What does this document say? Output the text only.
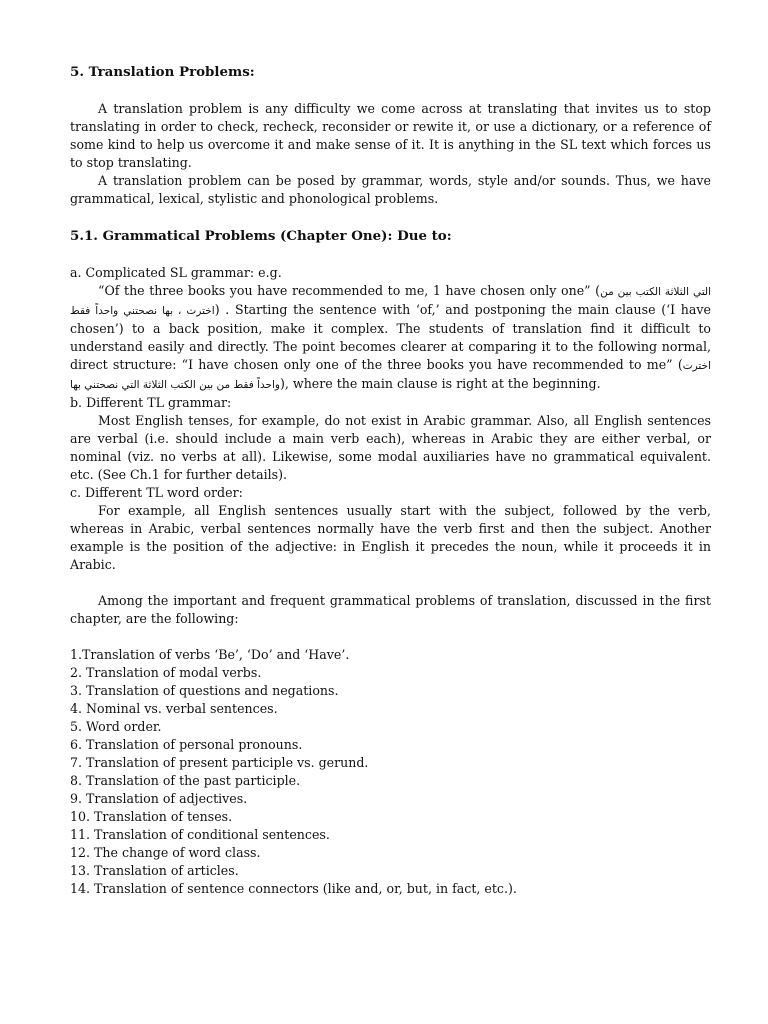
5. Translation Problems:

A translation problem is any difficulty we come across at translating that invites us to stop translating in order to check, recheck, reconsider or rewite it, or use a dictionary, or a reference of some kind to help us overcome it and make sense of it. It is anything in the SL text which forces us to stop translating.

A translation problem can be posed by grammar, words, style and/or sounds. Thus, we have grammatical, lexical, stylistic and phonological problems.

5.1. Grammatical Problems (Chapter One): Due to:

a. Complicated SL grammar: e.g.

“Of the three books you have recommended to me, 1 have chosen only one” (التي الثلاثة الكتب بين من اخترت ، بها نصحتني واحداً فقط) . Starting the sentence with ‘of,’ and postponing the main clause (‘I have chosen’) to a back position, make it complex. The students of translation find it difficult to understand easily and directly. The point becomes clearer at comparing it to the following normal, direct structure: “I have chosen only one of the three books you have recommended to me” (اخترت واحداً فقط من بين الكتب الثلاثة التي نصحتني بها), where the main clause is right at the beginning.

b. Different TL grammar:

Most English tenses, for example, do not exist in Arabic grammar. Also, all English sentences are verbal (i.e. should include a main verb each), whereas in Arabic they are either verbal, or nominal (viz. no verbs at all). Likewise, some modal auxiliaries have no grammatical equivalent. etc. (See Ch.1 for further details).

c. Different TL word order:

For example, all English sentences usually start with the subject, followed by the verb, whereas in Arabic, verbal sentences normally have the verb first and then the subject. Another example is the position of the adjective: in English it precedes the noun, while it proceeds it in Arabic.

Among the important and frequent grammatical problems of translation, discussed in the first chapter, are the following:

1.Translation of verbs ‘Be’, ‘Do’ and ‘Have’.
2. Translation of modal verbs.
3. Translation of questions and negations.
4. Nominal vs. verbal sentences.
5. Word order.
6. Translation of personal pronouns.
7. Translation of present participle vs. gerund.
8. Translation of the past participle.
9. Translation of adjectives.
10. Translation of tenses.
11. Translation of conditional sentences.
12. The change of word class.
13. Translation of articles.
14. Translation of sentence connectors (like and, or, but, in fact, etc.).
